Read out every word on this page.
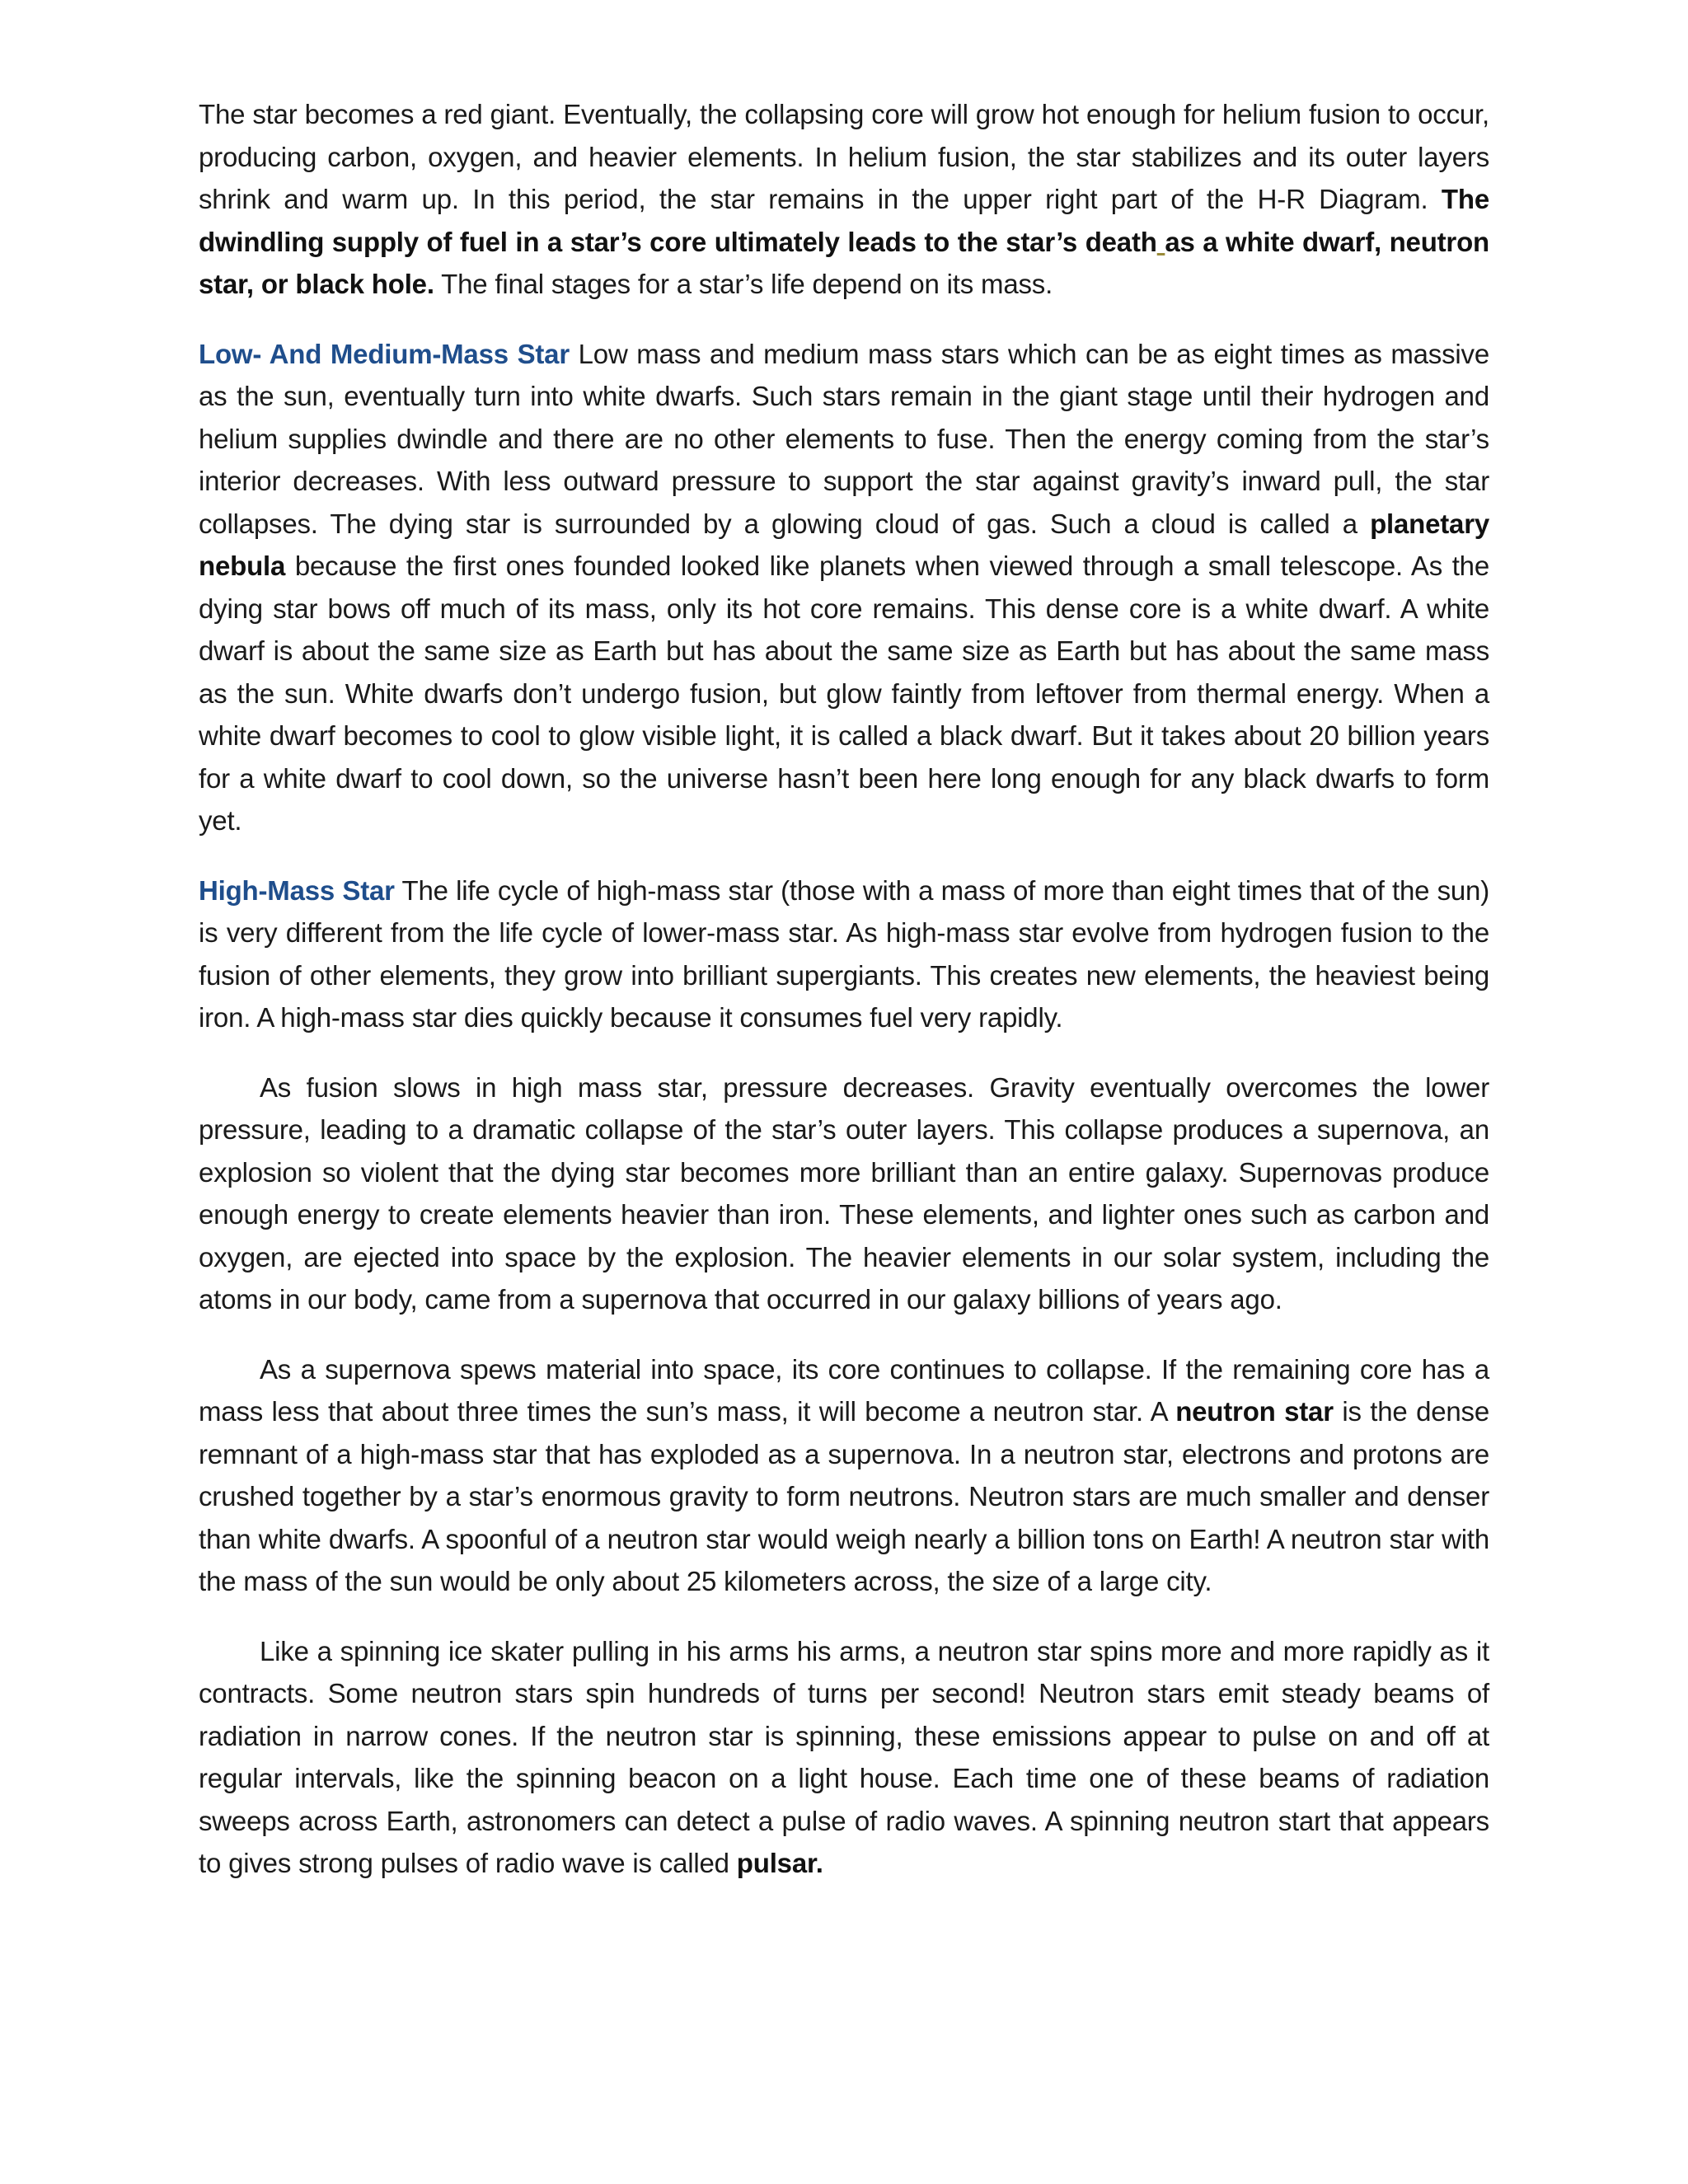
The star becomes a red giant. Eventually, the collapsing core will grow hot enough for helium fusion to occur, producing carbon, oxygen, and heavier elements. In helium fusion, the star stabilizes and its outer layers shrink and warm up. In this period, the star remains in the upper right part of the H-R Diagram. The dwindling supply of fuel in a star’s core ultimately leads to the star’s death as a white dwarf, neutron star, or black hole. The final stages for a star’s life depend on its mass.

Low- And Medium-Mass Star Low mass and medium mass stars which can be as eight times as massive as the sun, eventually turn into white dwarfs. Such stars remain in the giant stage until their hydrogen and helium supplies dwindle and there are no other elements to fuse. Then the energy coming from the star’s interior decreases. With less outward pressure to support the star against gravity’s inward pull, the star collapses. The dying star is surrounded by a glowing cloud of gas. Such a cloud is called a planetary nebula because the first ones founded looked like planets when viewed through a small telescope. As the dying star bows off much of its mass, only its hot core remains. This dense core is a white dwarf. A white dwarf is about the same size as Earth but has about the same size as Earth but has about the same mass as the sun. White dwarfs don’t undergo fusion, but glow faintly from leftover from thermal energy. When a white dwarf becomes to cool to glow visible light, it is called a black dwarf. But it takes about 20 billion years for a white dwarf to cool down, so the universe hasn’t been here long enough for any black dwarfs to form yet.

High-Mass Star The life cycle of high-mass star (those with a mass of more than eight times that of the sun) is very different from the life cycle of lower-mass star. As high-mass star evolve from hydrogen fusion to the fusion of other elements, they grow into brilliant supergiants. This creates new elements, the heaviest being iron. A high-mass star dies quickly because it consumes fuel very rapidly.

As fusion slows in high mass star, pressure decreases. Gravity eventually overcomes the lower pressure, leading to a dramatic collapse of the star’s outer layers. This collapse produces a supernova, an explosion so violent that the dying star becomes more brilliant than an entire galaxy. Supernovas produce enough energy to create elements heavier than iron. These elements, and lighter ones such as carbon and oxygen, are ejected into space by the explosion. The heavier elements in our solar system, including the atoms in our body, came from a supernova that occurred in our galaxy billions of years ago.

As a supernova spews material into space, its core continues to collapse. If the remaining core has a mass less that about three times the sun’s mass, it will become a neutron star. A neutron star is the dense remnant of a high-mass star that has exploded as a supernova. In a neutron star, electrons and protons are crushed together by a star’s enormous gravity to form neutrons. Neutron stars are much smaller and denser than white dwarfs. A spoonful of a neutron star would weigh nearly a billion tons on Earth! A neutron star with the mass of the sun would be only about 25 kilometers across, the size of a large city.

Like a spinning ice skater pulling in his arms his arms, a neutron star spins more and more rapidly as it contracts. Some neutron stars spin hundreds of turns per second! Neutron stars emit steady beams of radiation in narrow cones. If the neutron star is spinning, these emissions appear to pulse on and off at regular intervals, like the spinning beacon on a light house. Each time one of these beams of radiation sweeps across Earth, astronomers can detect a pulse of radio waves. A spinning neutron start that appears to gives strong pulses of radio wave is called pulsar.
